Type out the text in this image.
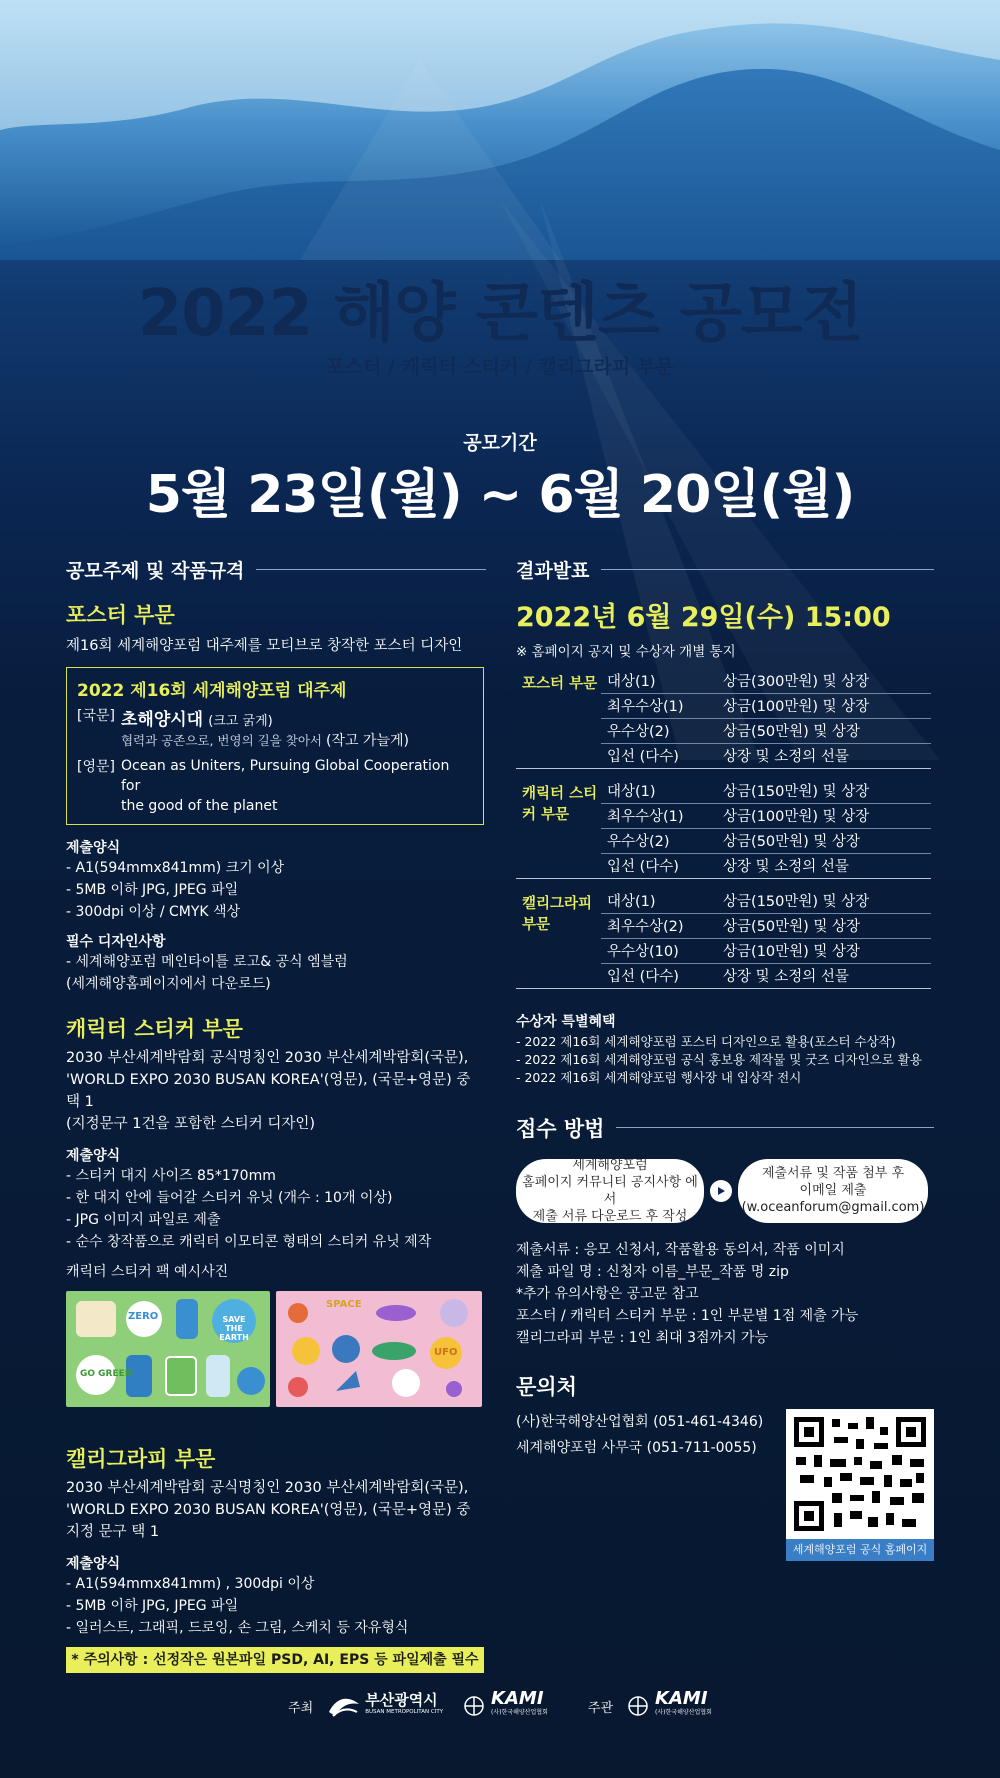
2022 해양 콘텐츠 공모전
포스터 / 캐릭터 스티커 / 캘리그라피 부문
공모기간
5월 23일(월) ~ 6월 20일(월)
공모주제 및 작품규격
포스터 부문
제16회 세계해양포럼 대주제를 모티브로 창작한 포스터 디자인
2022 제16회 세계해양포럼 대주제
[국문] 초해양시대 (크고 굵게)
협력과 공존으로, 번영의 길을 찾아서 (작고 가늘게)
[영문] Ocean as Uniters, Pursuing Global Cooperation for
the good of the planet
제출양식
- A1(594mmx841mm) 크기 이상
- 5MB 이하 JPG, JPEG 파일
- 300dpi 이상 / CMYK 색상
필수 디자인사항
- 세계해양포럼 메인타이틀 로고& 공식 엠블럼
(세계해양홈페이지에서 다운로드)
캐릭터 스티커 부문
2030 부산세계박람회 공식명칭인 2030 부산세계박람회(국문),
'WORLD EXPO 2030 BUSAN KOREA'(영문), (국문+영문) 중 택 1
(지정문구 1건을 포함한 스티커 디자인)
제출양식
- 스티커 대지 사이즈 85*170mm
- 한 대지 안에 들어갈 스티커 유닛 (개수 : 10개 이상)
- JPG 이미지 파일로 제출
- 순수 창작품으로 캐릭터 이모티콘 형태의 스티커 유닛 제작
캐릭터 스티커 팩 예시사진
ZERO	SAVE THE EARTH
GO GREEN
SPACE
UFO
캘리그라피 부문
2030 부산세계박람회 공식명칭인 2030 부산세계박람회(국문),
'WORLD EXPO 2030 BUSAN KOREA'(영문), (국문+영문) 중
지정 문구 택 1
제출양식
- A1(594mmx841mm) , 300dpi 이상
- 5MB 이하 JPG, JPEG 파일
- 일러스트, 그래픽, 드로잉, 손 그림, 스케치 등 자유형식
* 주의사항 : 선정작은 원본파일 PSD, AI, EPS 등 파일제출 필수
결과발표
2022년 6월 29일(수) 15:00
※ 홈페이지 공지 및 수상자 개별 통지
포스터 부문	대상(1)	상금(300만원) 및 상장
	최우수상(1)	상금(100만원) 및 상장
	우수상(2)	상금(50만원) 및 상장
	입선 (다수)	상장 및 소정의 선물

캐릭터 스티커 부문	대상(1)	상금(150만원) 및 상장
	최우수상(1)	상금(100만원) 및 상장
	우수상(2)	상금(50만원) 및 상장
	입선 (다수)	상장 및 소정의 선물

캘리그라피 부문	대상(1)	상금(150만원) 및 상장
	최우수상(2)	상금(50만원) 및 상장
	우수상(10)	상금(10만원) 및 상장
	입선 (다수)	상장 및 소정의 선물
수상자 특별혜택
- 2022 제16회 세계해양포럼 포스터 디자인으로 활용(포스터 수상작)
- 2022 제16회 세계해양포럼 공식 홍보용 제작물 및 굿즈 디자인으로 활용
- 2022 제16회 세계해양포럼 행사장 내 입상작 전시
접수 방법
세계해양포럼
홈페이지 커뮤니티 공지사항 에서
제출 서류 다운로드 후 작성
제출서류 및 작품 첨부 후
이메일 제출
(w.oceanforum@gmail.com)
제출서류 : 응모 신청서, 작품활용 동의서, 작품 이미지
제출 파일 명 : 신청자 이름_부문_작품 명 zip
*추가 유의사항은 공고문 참고
포스터 / 캐릭터 스티커 부문 : 1인 부문별 1점 제출 가능
캘리그라피 부문 : 1인 최대 3점까지 가능
문의처
(사)한국해양산업협회 (051-461-4346)
세계해양포럼 사무국 (051-711-0055)
세계해양포럼 공식 홈페이지
주최	부산광역시
BUSAN METROPOLITAN CITY
KAMI
(사)한국해양산업협회	주관 KAMI
(사)한국해양산업협회
